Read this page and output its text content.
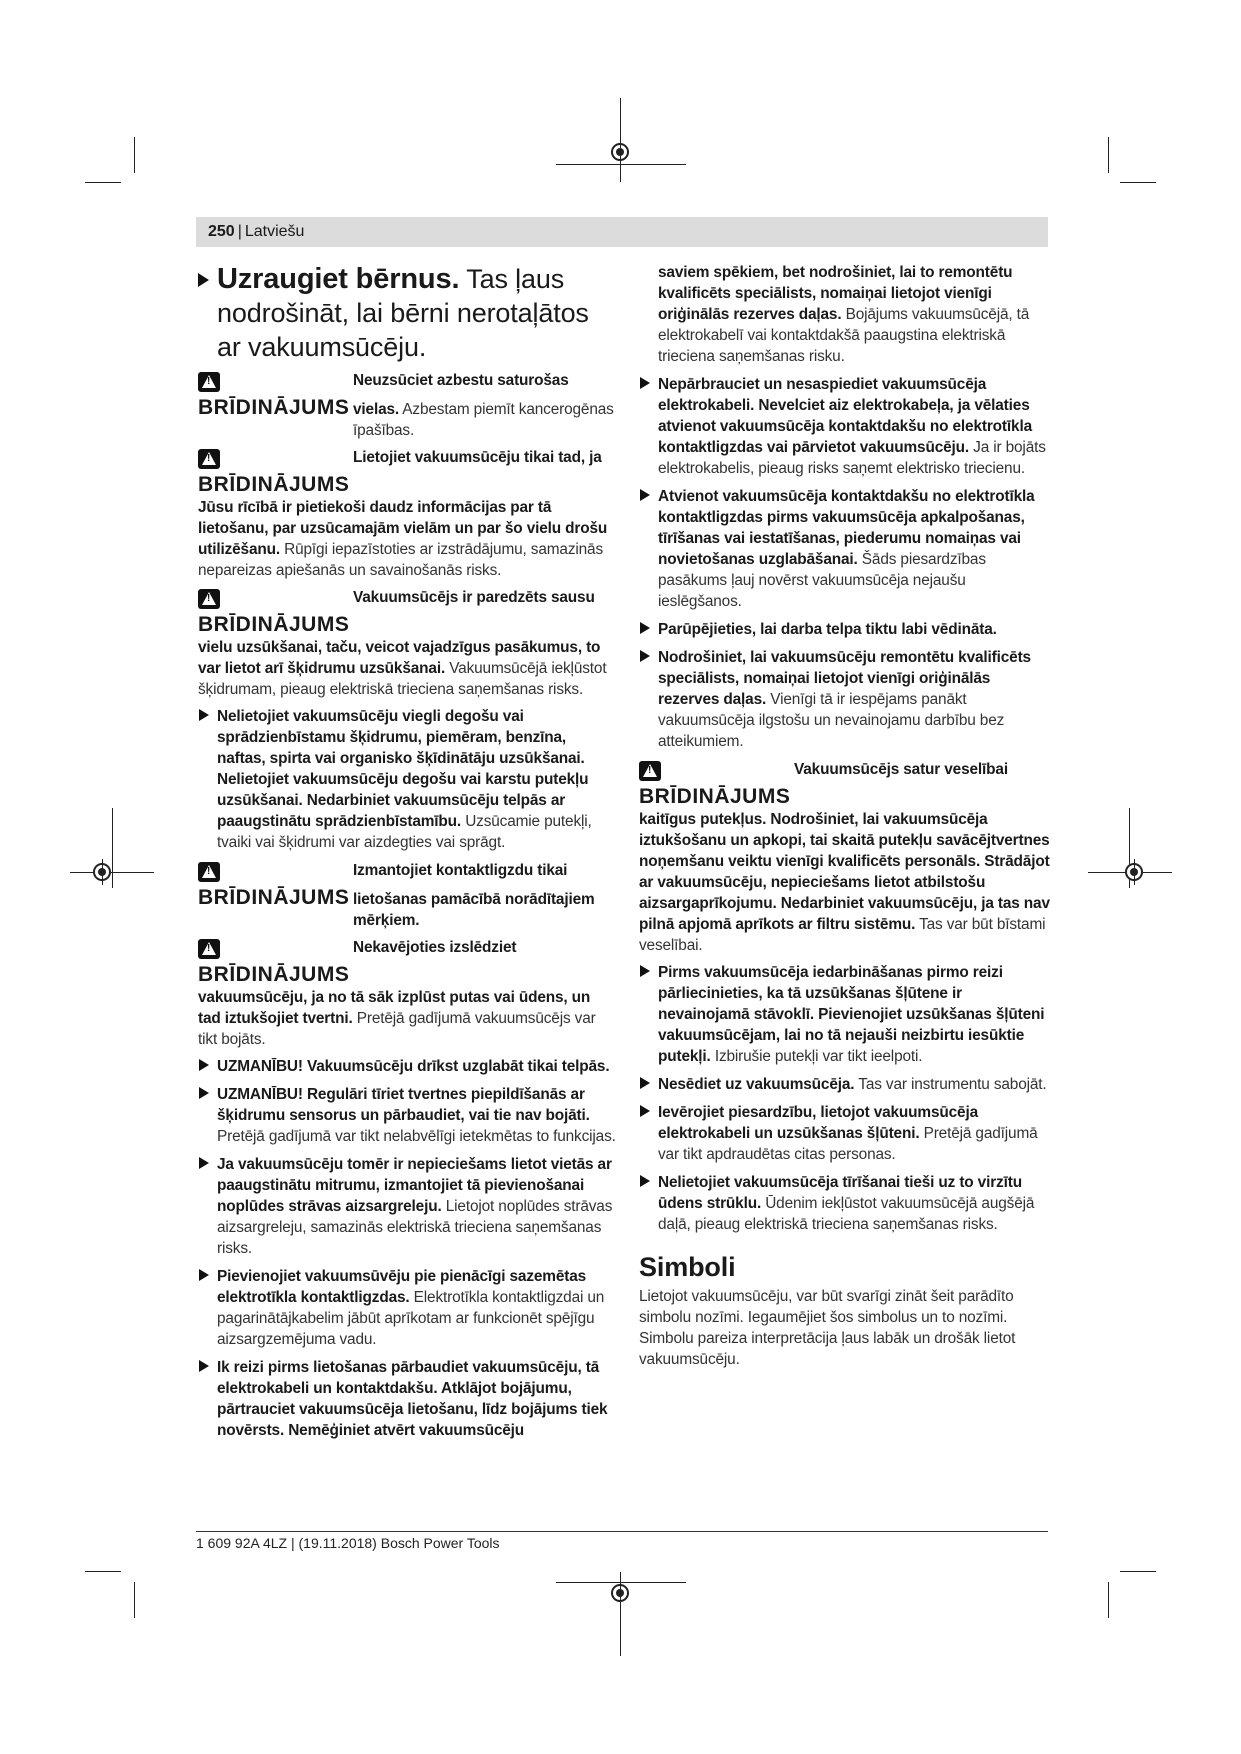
250 | Latviešu
Uzraugiet bērnus. Tas ļaus nodrošināt, lai bērni nerotaļātos ar vakuumsūcēju.
!
BRĪDINĀJUMS
Neuzsūciet azbestu saturošas
vielas. Azbestam piemīt kancerogēnas īpašības.
!
BRĪDINĀJUMS
Lietojiet vakuumsūcēju tikai tad, ja
Jūsu rīcībā ir pietiekoši daudz informācijas par tā lietošanu, par uzsūcamajām vielām un par šo vielu drošu utilizēšanu. Rūpīgi iepazīstoties ar izstrādājumu, samazinās nepareizas apiešanās un savainošanās risks.
!
BRĪDINĀJUMS
Vakuumsūcējs ir paredzēts sausu
vielu uzsūkšanai, taču, veicot vajadzīgus pasākumus, to var lietot arī šķidrumu uzsūkšanai. Vakuumsūcējā iekļūstot šķidrumam, pieaug elektriskā trieciena saņemšanas risks.
Nelietojiet vakuumsūcēju viegli degošu vai sprādzienbīstamu šķidrumu, piemēram, benzīna, naftas, spirta vai organisko šķīdinātāju uzsūkšanai. Nelietojiet vakuumsūcēju degošu vai karstu putekļu uzsūkšanai. Nedarbiniet vakuumsūcēju telpās ar paaugstinātu sprādzienbīstamību. Uzsūcamie putekļi, tvaiki vai šķidrumi var aizdegties vai sprāgt.
!
BRĪDINĀJUMS
Izmantojiet kontaktligzdu tikai
lietošanas pamācībā norādītajiem mērķiem.
!
BRĪDINĀJUMS
Nekavējoties izslēdziet
vakuumsūcēju, ja no tā sāk izplūst putas vai ūdens, un tad iztukšojiet tvertni. Pretējā gadījumā vakuumsūcējs var tikt bojāts.
UZMANĪBU! Vakuumsūcēju drīkst uzglabāt tikai telpās.
UZMANĪBU! Regulāri tīriet tvertnes piepildīšanās ar šķidrumu sensorus un pārbaudiet, vai tie nav bojāti. Pretējā gadījumā var tikt nelabvēlīgi ietekmētas to funkcijas.
Ja vakuumsūcēju tomēr ir nepieciešams lietot vietās ar paaugstinātu mitrumu, izmantojiet tā pievienošanai noplūdes strāvas aizsargreleju. Lietojot noplūdes strāvas aizsargreleju, samazinās elektriskā trieciena saņemšanas risks.
Pievienojiet vakuumsūvēju pie pienācīgi sazemētas elektrotīkla kontaktligzdas. Elektrotīkla kontaktligzdai un pagarinātājkabelim jābūt aprīkotam ar funkcionēt spējīgu aizsargzemējuma vadu.
Ik reizi pirms lietošanas pārbaudiet vakuumsūcēju, tā elektrokabeli un kontaktdakšu. Atklājot bojājumu, pārtrauciet vakuumsūcēja lietošanu, līdz bojājums tiek novērsts. Nemēģiniet atvērt vakuumsūcēju
saviem spēkiem, bet nodrošiniet, lai to remontētu kvalificēts speciālists, nomaiņai lietojot vienīgi oriģinālās rezerves daļas. Bojājums vakuumsūcējā, tā elektrokabelī vai kontaktdakšā paaugstina elektriskā trieciena saņemšanas risku.
Nepārbrauciet un nesaspiediet vakuumsūcēja elektrokabeli. Nevelciet aiz elektrokabeļa, ja vēlaties atvienot vakuumsūcēja kontaktdakšu no elektrotīkla kontaktligzdas vai pārvietot vakuumsūcēju. Ja ir bojāts elektrokabelis, pieaug risks saņemt elektrisko triecienu.
Atvienot vakuumsūcēja kontaktdakšu no elektrotīkla kontaktligzdas pirms vakuumsūcēja apkalpošanas, tīrīšanas vai iestatīšanas, piederumu nomaiņas vai novietošanas uzglabāšanai. Šāds piesardzības pasākums ļauj novērst vakuumsūcēja nejaušu ieslēgšanos.
Parūpējieties, lai darba telpa tiktu labi vēdināta.
Nodrošiniet, lai vakuumsūcēju remontētu kvalificēts speciālists, nomaiņai lietojot vienīgi oriģinālās rezerves daļas. Vienīgi tā ir iespējams panākt vakuumsūcēja ilgstošu un nevainojamu darbību bez atteikumiem.
!
BRĪDINĀJUMS
Vakuumsūcējs satur veselībai
kaitīgus putekļus. Nodrošiniet, lai vakuumsūcēja iztukšošanu un apkopi, tai skaitā putekļu savācējtvertnes noņemšanu veiktu vienīgi kvalificēts personāls. Strādājot ar vakuumsūcēju, nepieciešams lietot atbilstošu aizsargaprīkojumu. Nedarbiniet vakuumsūcēju, ja tas nav pilnā apjomā aprīkots ar filtru sistēmu. Tas var būt bīstami veselībai.
Pirms vakuumsūcēja iedarbināšanas pirmo reizi pārliecinieties, ka tā uzsūkšanas šļūtene ir nevainojamā stāvoklī. Pievienojiet uzsūkšanas šļūteni vakuumsūcējam, lai no tā nejauši neizbirtu iesūktie putekļi. Izbirušie putekļi var tikt ieelpoti.
Nesēdiet uz vakuumsūcēja. Tas var instrumentu sabojāt.
Ievērojiet piesardzību, lietojot vakuumsūcēja elektrokabeli un uzsūkšanas šļūteni. Pretējā gadījumā var tikt apdraudētas citas personas.
Nelietojiet vakuumsūcēja tīrīšanai tieši uz to virzītu ūdens strūklu. Ūdenim iekļūstot vakuumsūcējā augšējā daļā, pieaug elektriskā trieciena saņemšanas risks.
Simboli
Lietojot vakuumsūcēju, var būt svarīgi zināt šeit parādīto simbolu nozīmi. Iegaumējiet šos simbolus un to nozīmi. Simbolu pareiza interpretācija ļaus labāk un drošāk lietot vakuumsūcēju.
1 609 92A 4LZ | (19.11.2018) Bosch Power Tools
